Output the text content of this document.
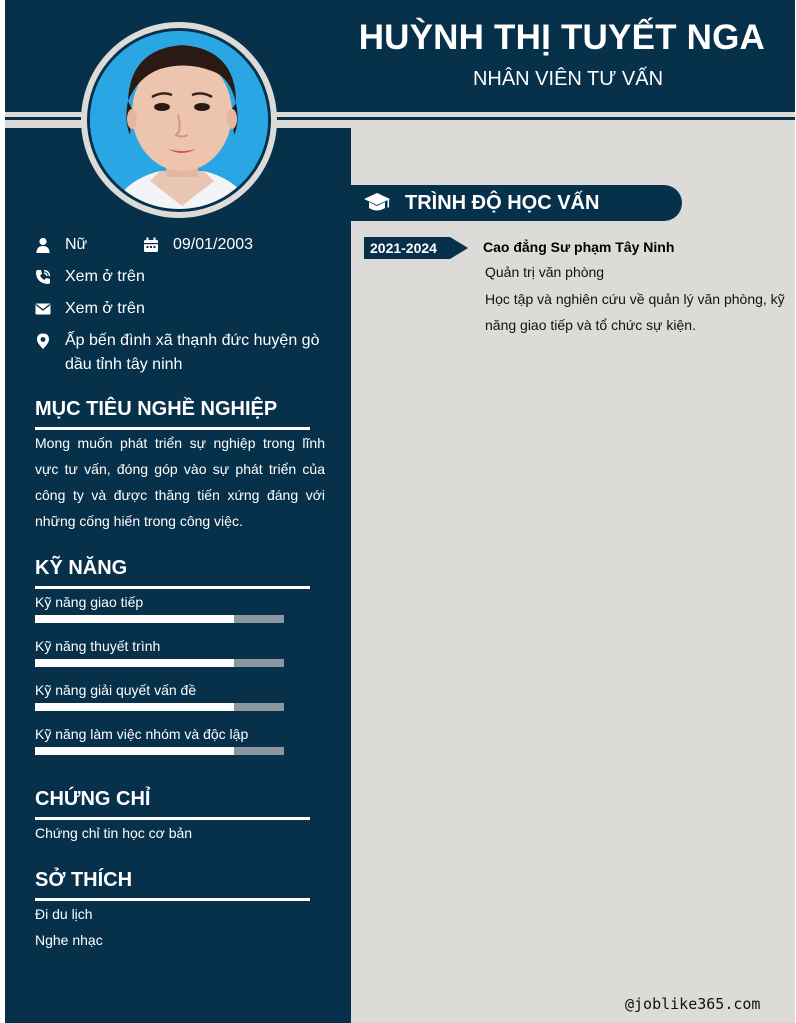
HUỲNH THỊ TUYẾT NGA
NHÂN VIÊN TƯ VẤN
Nữ	09/01/2003
Xem ở trên
Xem ở trên
Ấp bến đình xã thạnh đức huyện gò dầu tỉnh tây ninh
MỤC TIÊU NGHỀ NGHIỆP
Mong muốn phát triển sự nghiệp trong lĩnh vực tư vấn, đóng góp vào sự phát triển của công ty và được thăng tiến xứng đáng với những cống hiến trong công việc.
KỸ NĂNG
Kỹ năng giao tiếp
Kỹ năng thuyết trình
Kỹ năng giải quyết vấn đề
Kỹ năng làm việc nhóm và độc lập
CHỨNG CHỈ
Chứng chỉ tin học cơ bản
SỞ THÍCH
Đi du lịch
Nghe nhạc
TRÌNH ĐỘ HỌC VẤN
2021-2024	Cao đẳng Sư phạm Tây Ninh
Quản trị văn phòng
Học tập và nghiên cứu về quản lý văn phòng, kỹ năng giao tiếp và tổ chức sự kiện.
@joblike365.com
